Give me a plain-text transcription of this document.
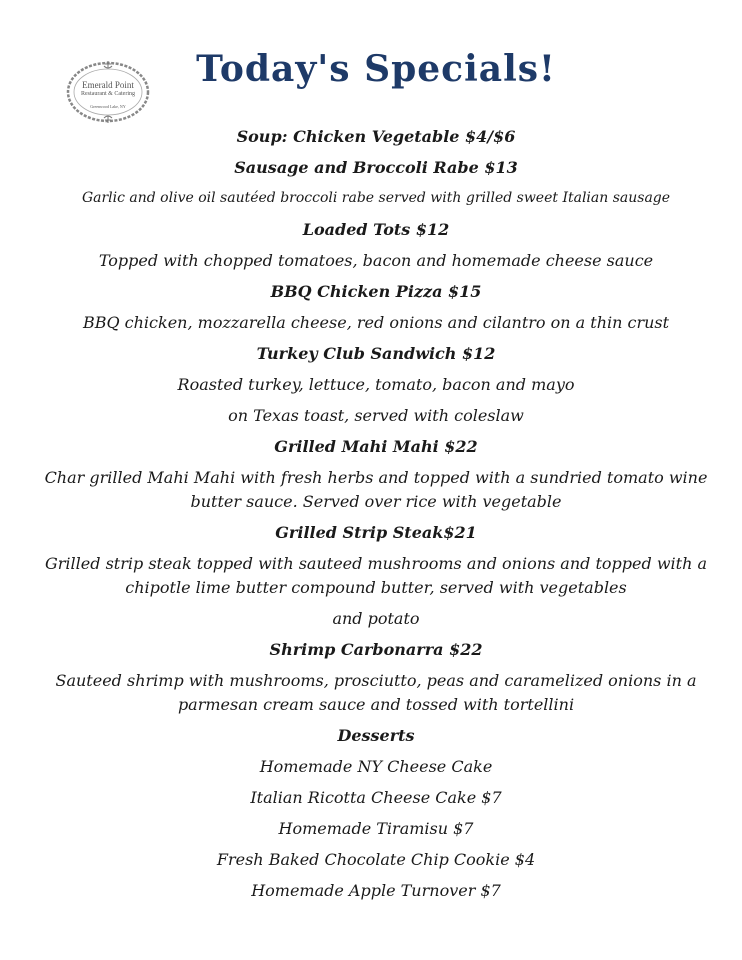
Emerald Point
Restaurant & Catering
Greenwood Lake, NY
Today's Specials!
Soup: Chicken Vegetable $4/$6
Sausage and Broccoli Rabe $13
Garlic and olive oil sautéed broccoli rabe served with grilled sweet Italian sausage
Loaded Tots $12
Topped with chopped tomatoes, bacon and homemade cheese sauce
BBQ Chicken Pizza $15
BBQ chicken, mozzarella cheese, red onions and cilantro on a thin crust
Turkey Club Sandwich $12
Roasted turkey, lettuce, tomato, bacon and mayo
on Texas toast, served with coleslaw
Grilled Mahi Mahi $22
Char grilled Mahi Mahi with fresh herbs and topped with a sundried tomato wine butter sauce. Served over rice with vegetable
Grilled Strip Steak$21
Grilled strip steak topped with sauteed mushrooms and onions and topped with a chipotle lime butter compound butter, served with vegetables
and potato
Shrimp Carbonarra $22
Sauteed shrimp with mushrooms, prosciutto, peas and caramelized onions in a parmesan cream sauce and tossed with tortellini
Desserts
Homemade NY Cheese Cake
Italian Ricotta Cheese Cake $7
Homemade Tiramisu $7
Fresh Baked Chocolate Chip Cookie $4
Homemade Apple Turnover $7
